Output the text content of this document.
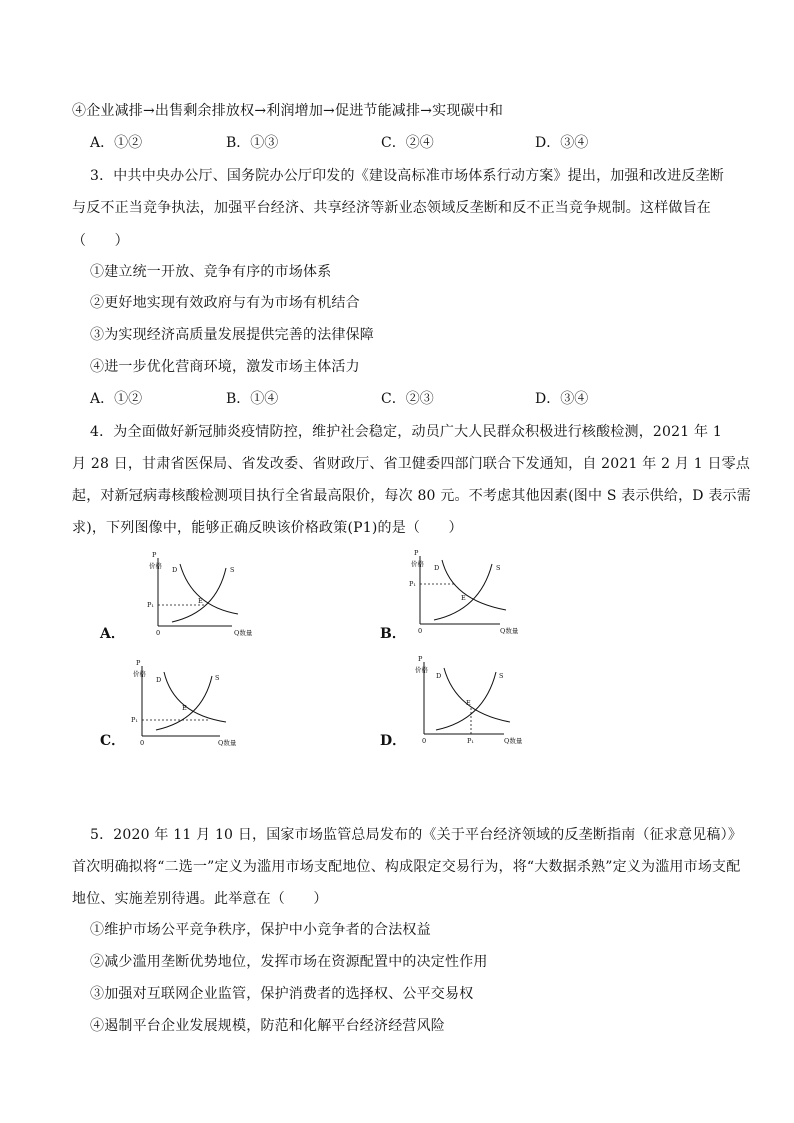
④企业减排→出售剩余排放权→利润增加→促进节能减排→实现碳中和
A．①②	B．①③	C．②④	D．③④
3．中共中央办公厅、国务院办公厅印发的《建设高标准市场体系行动方案》提出，加强和改进反垄断
与反不正当竞争执法，加强平台经济、共享经济等新业态领域反垄断和反不正当竞争规制。这样做旨在
（　　）
①建立统一开放、竞争有序的市场体系
②更好地实现有效政府与有为市场有机结合
③为实现经济高质量发展提供完善的法律保障
④进一步优化营商环境，激发市场主体活力
A．①②	B．①④	C．②③	D．③④
4．为全面做好新冠肺炎疫情防控，维护社会稳定，动员广大人民群众积极进行核酸检测，2021 年 1
月 28 日，甘肃省医保局、省发改委、省财政厅、省卫健委四部门联合下发通知，自 2021 年 2 月 1 日零点
起，对新冠病毒核酸检测项目执行全省最高限价，每次 80 元。不考虑其他因素(图中 S 表示供给，D 表示需
求)，下列图像中，能够正确反映该价格政策(P1)的是（　　）
A．
P
价格
P₁
D	S
E
0	Q数量	B．
P
价格
P₁
D	S
E
0	Q数量
C．
P
价格
P₁
D	S
E
0	Q数量	D．
P
价格
D	S
E
0	P₁	Q数量
5．2020 年 11 月 10 日，国家市场监管总局发布的《关于平台经济领域的反垄断指南（征求意见稿）》
首次明确拟将“二选一”定义为滥用市场支配地位、构成限定交易行为，将“大数据杀熟”定义为滥用市场支配
地位、实施差别待遇。此举意在（　　）
①维护市场公平竞争秩序，保护中小竞争者的合法权益
②减少滥用垄断优势地位，发挥市场在资源配置中的决定性作用
③加强对互联网企业监管，保护消费者的选择权、公平交易权
④遏制平台企业发展规模，防范和化解平台经济经营风险
